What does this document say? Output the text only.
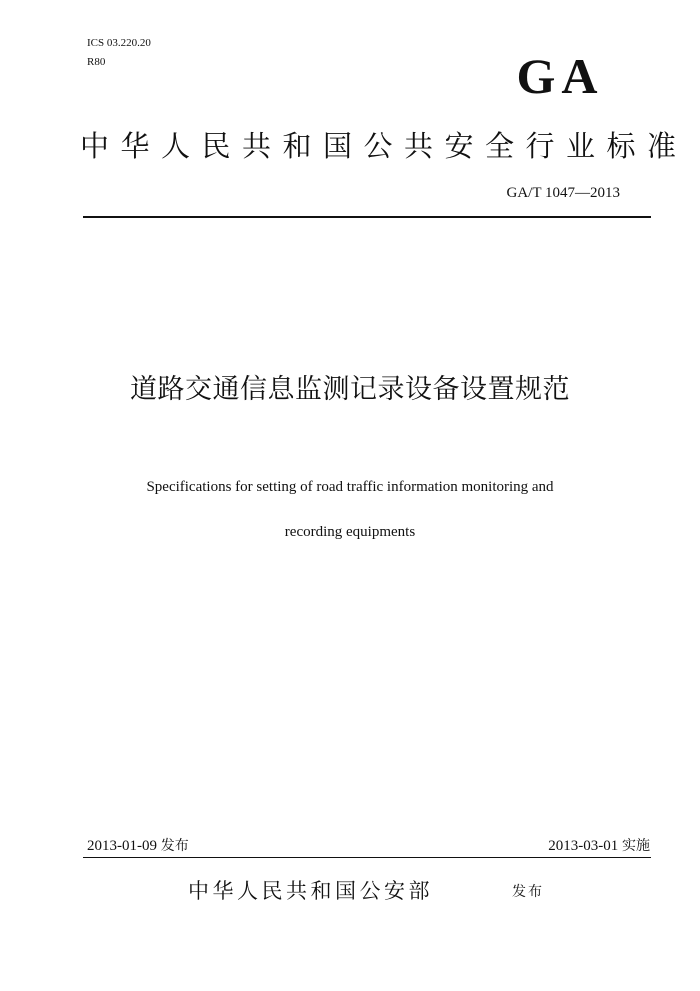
ICS 03.220.20
R80	GA
中华人民共和国公共安全行业标准
GA/T 1047—2013
道路交通信息监测记录设备设置规范
Specifications for setting of road traffic information monitoring and
recording equipments
2013-01-09 发布	2013-03-01 实施
中华人民共和国公安部	发布
